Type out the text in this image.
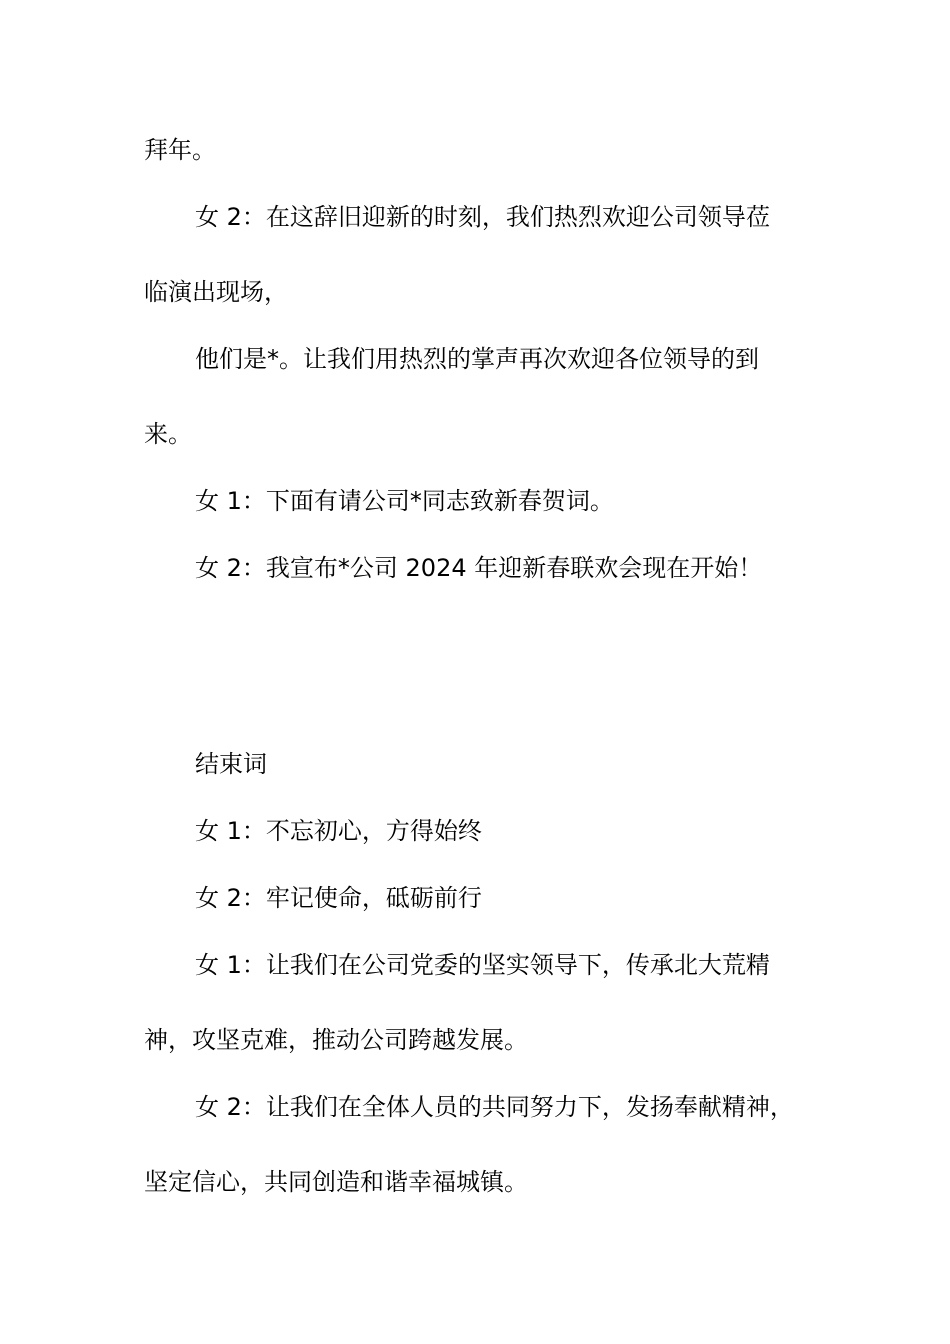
拜年。
女 2：在这辞旧迎新的时刻，我们热烈欢迎公司领导莅
临演出现场，
他们是*。让我们用热烈的掌声再次欢迎各位领导的到
来。
女 1：下面有请公司*同志致新春贺词。
女 2：我宣布*公司 2024 年迎新春联欢会现在开始！
结束词
女 1：不忘初心，方得始终
女 2：牢记使命，砥砺前行
女 1：让我们在公司党委的坚实领导下，传承北大荒精
神，攻坚克难，推动公司跨越发展。
女 2：让我们在全体人员的共同努力下，发扬奉献精神，
坚定信心，共同创造和谐幸福城镇。
